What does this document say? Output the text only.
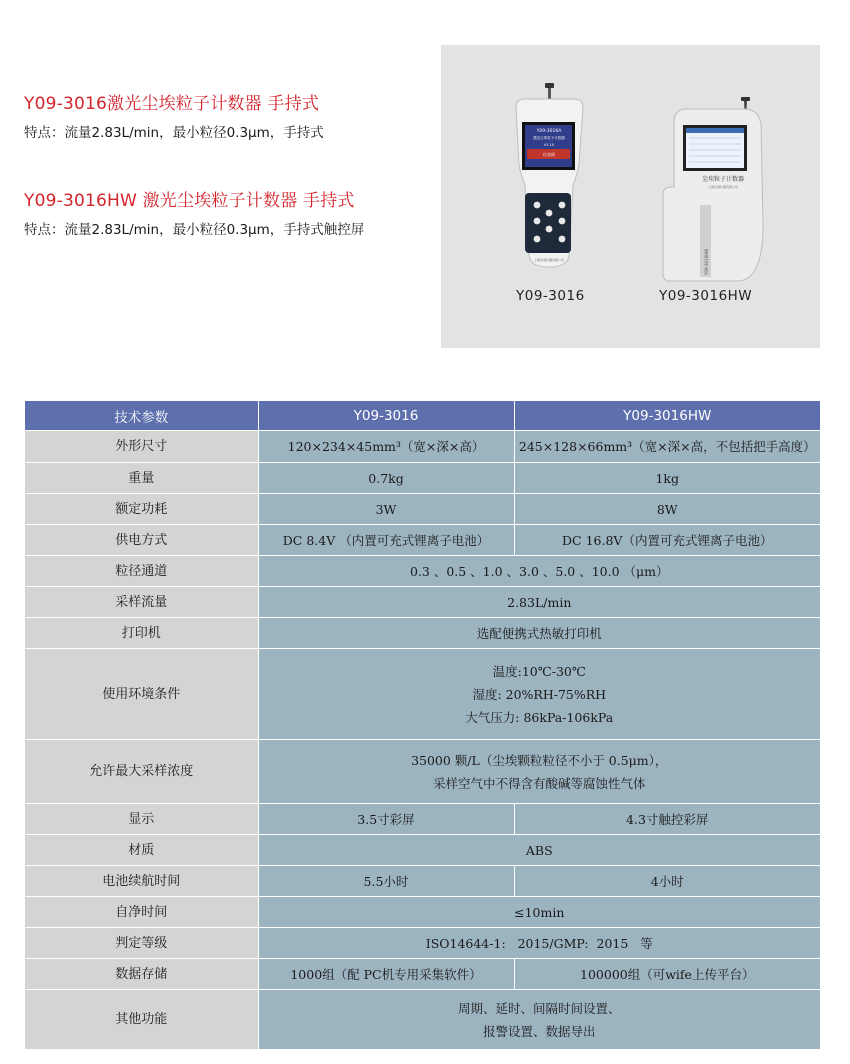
Y09-3016激光尘埃粒子计数器 手持式
特点：流量2.83L/min，最小粒径0.3μm，手持式
Y09-3016HW 激光尘埃粒子计数器 手持式
特点：流量2.83L/min，最小粒径0.3μm，手持式触控屏
Y09-3016A
激光尘埃粒子计数器
V1.10
仪表网
上海光谱仪器有限公司
尘埃粒子计数器
上海光谱仪器有限公司
Y09-3016HW
Y09-3016	Y09-3016HW
技术参数	Y09-3016	Y09-3016HW
外形尺寸	120×234×45mm³（宽×深×高）	245×128×66mm³（宽×深×高，不包括把手高度）
重量	0.7kg	1kg
额定功耗	3W	8W
供电方式	DC 8.4V （内置可充式锂离子电池）	DC 16.8V（内置可充式锂离子电池）
粒径通道	0.3 、0.5 、1.0 、3.0 、5.0 、10.0 （μm）	
采样流量	2.83L/min	
打印机	选配便携式热敏打印机	
使用环境条件	温度:10℃-30℃
湿度: 20%RH-75%RH
大气压力: 86kPa-106kPa	

允许最大采样浓度	35000 颗/L（尘埃颗粒粒径不小于 0.5μm），
采样空气中不得含有酸碱等腐蚀性气体	

显示	3.5寸彩屏	4.3寸触控彩屏
材质	ABS	
电池续航时间	5.5小时	4小时
自净时间	≤10min	
判定等级	ISO14644-1:   2015/GMP:  2015   等	
数据存储	1000组（配 PC机专用采集软件）	100000组（可wife上传平台）
其他功能	周期、延时、间隔时间设置、
报警设置、数据导出	
